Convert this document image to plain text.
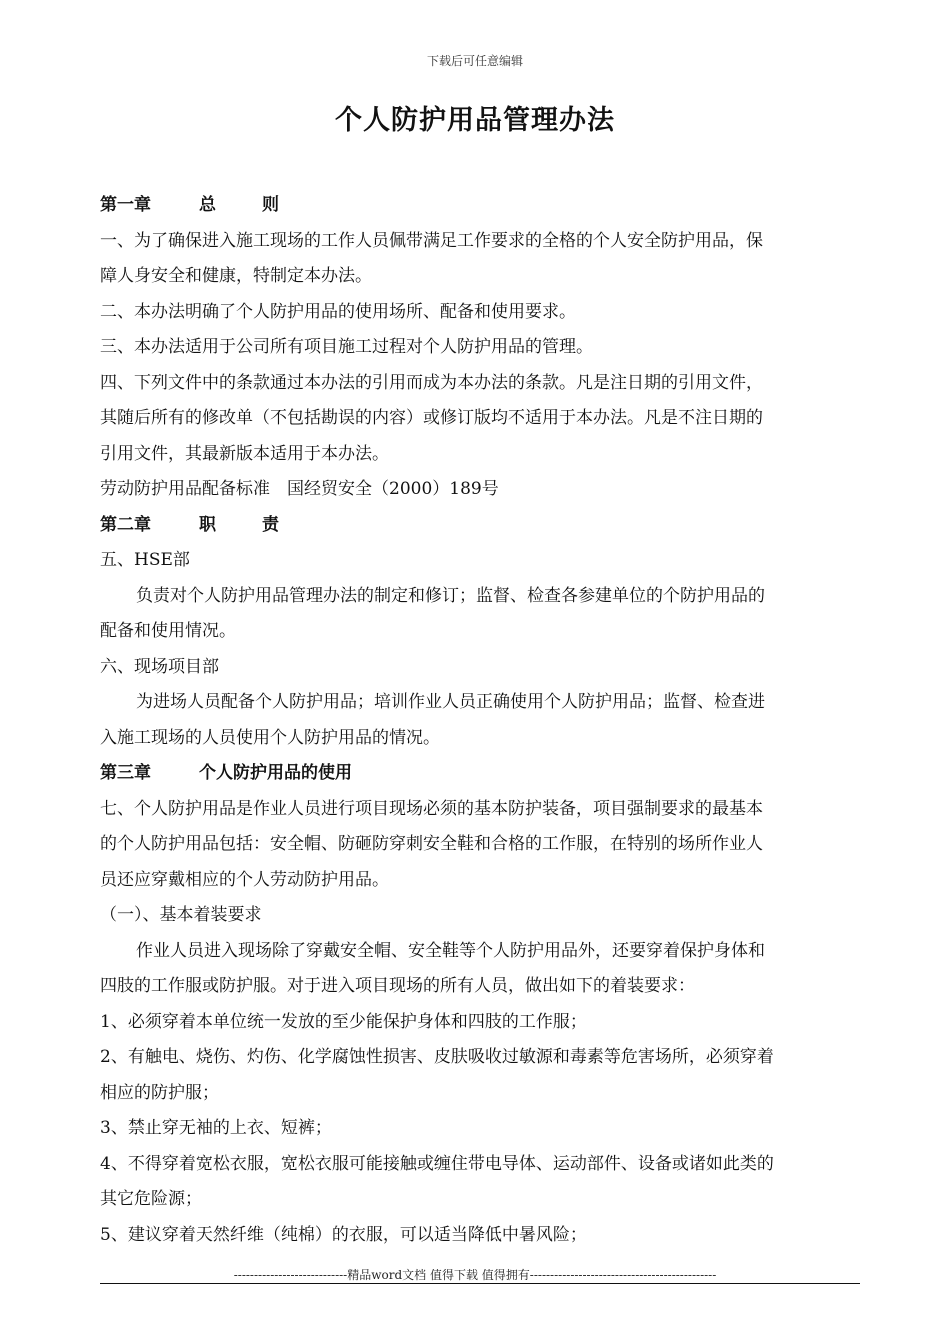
下载后可任意编辑
个人防护用品管理办法
第一章	总	则
一、为了确保进入施工现场的工作人员佩带满足工作要求的全格的个人安全防护用品，保
障人身安全和健康，特制定本办法。
二、本办法明确了个人防护用品的使用场所、配备和使用要求。
三、本办法适用于公司所有项目施工过程对个人防护用品的管理。
四、下列文件中的条款通过本办法的引用而成为本办法的条款。凡是注日期的引用文件，
其随后所有的修改单（不包括勘误的内容）或修订版均不适用于本办法。凡是不注日期的
引用文件，其最新版本适用于本办法。
劳动防护用品配备标准　国经贸安全（2000）189号
第二章	职	责
五、HSE部
负责对个人防护用品管理办法的制定和修订；监督、检查各参建单位的个防护用品的
配备和使用情况。
六、现场项目部
为进场人员配备个人防护用品；培训作业人员正确使用个人防护用品；监督、检查进
入施工现场的人员使用个人防护用品的情况。
第三章	个人防护用品的使用
七、个人防护用品是作业人员进行项目现场必须的基本防护装备，项目强制要求的最基本
的个人防护用品包括：安全帽、防砸防穿刺安全鞋和合格的工作服，在特别的场所作业人
员还应穿戴相应的个人劳动防护用品。
（一）、基本着装要求
作业人员进入现场除了穿戴安全帽、安全鞋等个人防护用品外，还要穿着保护身体和
四肢的工作服或防护服。对于进入项目现场的所有人员，做出如下的着装要求：
1、必须穿着本单位统一发放的至少能保护身体和四肢的工作服；
2、有触电、烧伤、灼伤、化学腐蚀性损害、皮肤吸收过敏源和毒素等危害场所，必须穿着
相应的防护服；
3、禁止穿无袖的上衣、短裤；
4、不得穿着宽松衣服，宽松衣服可能接触或缠住带电导体、运动部件、设备或诸如此类的
其它危险源；
5、建议穿着天然纤维（纯棉）的衣服，可以适当降低中暑风险；
----------------------------精品word文档 值得下载 值得拥有----------------------------------------------
